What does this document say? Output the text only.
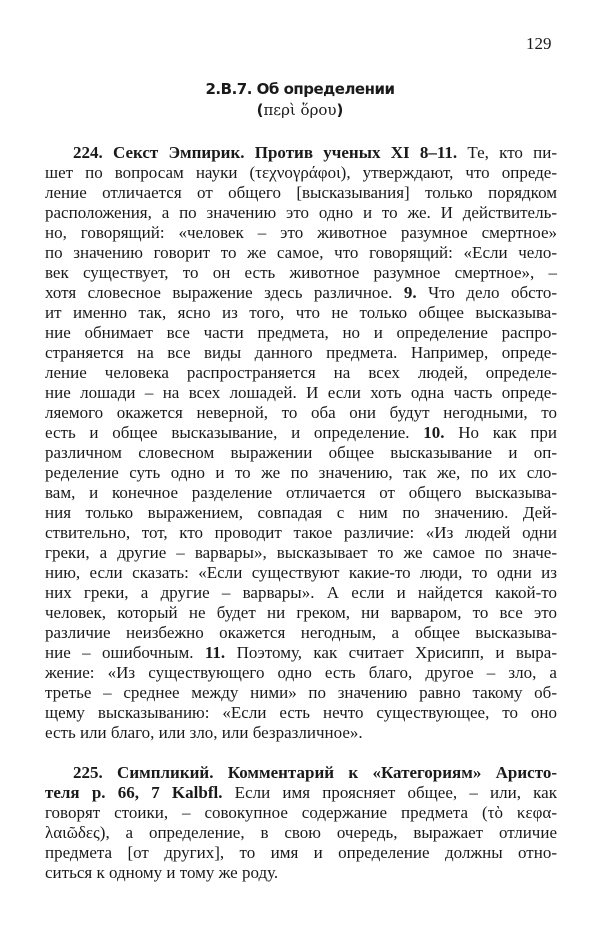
129
2.B.7. Об определении
(περὶ ὅρου)
224. Секст Эмпирик. Против ученых XI 8–11. Те, кто пи-
шет по вопросам науки (τεχνογράφοι), утверждают, что опреде-
ление отличается от общего [высказывания] только порядком
расположения, а по значению это одно и то же. И действитель-
но, говорящий: «человек – это животное разумное смертное»
по значению говорит то же самое, что говорящий: «Если чело-
век существует, то он есть животное разумное смертное», –
хотя словесное выражение здесь различное. 9. Что дело обсто-
ит именно так, ясно из того, что не только общее высказыва-
ние обнимает все части предмета, но и определение распро-
страняется на все виды данного предмета. Например, опреде-
ление человека распространяется на всех людей, определе-
ние лошади – на всех лошадей. И если хоть одна часть опреде-
ляемого окажется неверной, то оба они будут негодными, то
есть и общее высказывание, и определение. 10. Но как при
различном словесном выражении общее высказывание и оп-
ределение суть одно и то же по значению, так же, по их сло-
вам, и конечное разделение отличается от общего высказыва-
ния только выражением, совпадая с ним по значению. Дей-
ствительно, тот, кто проводит такое различие: «Из людей одни
греки, а другие – варвары», высказывает то же самое по значе-
нию, если сказать: «Если существуют какие-то люди, то одни из
них греки, а другие – варвары». А если и найдется какой-то
человек, который не будет ни греком, ни варваром, то все это
различие неизбежно окажется негодным, а общее высказыва-
ние – ошибочным. 11. Поэтому, как считает Хрисипп, и выра-
жение: «Из существующего одно есть благо, другое – зло, а
третье – среднее между ними» по значению равно такому об-
щему высказыванию: «Если есть нечто существующее, то оно
есть или благо, или зло, или безразличное».
225. Симпликий. Комментарий к «Категориям» Аристо-
теля p. 66, 7 Kalbfl. Если имя проясняет общее, – или, как
говорят стоики, – совокупное содержание предмета (τὸ κεφα-
λαιῶδες), а определение, в свою очередь, выражает отличие
предмета [от других], то имя и определение должны отно-
ситься к одному и тому же роду.
